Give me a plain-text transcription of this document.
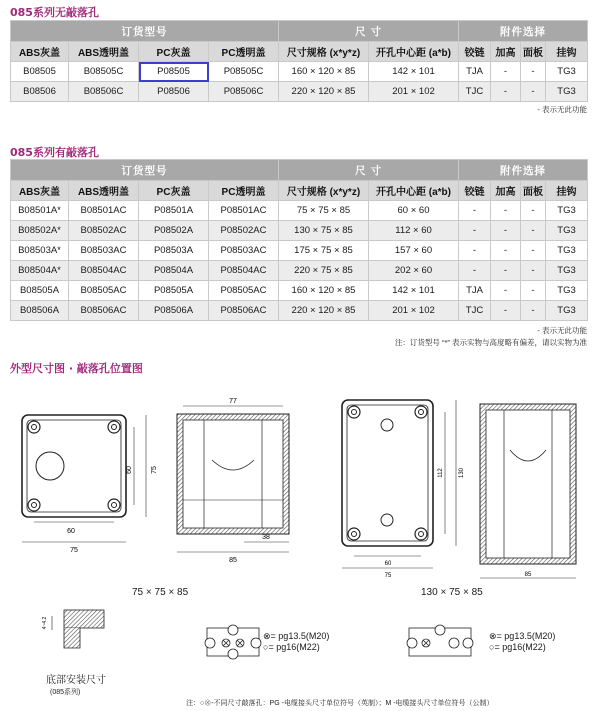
085系列无敲落孔
订货型号				尺 寸		附件选择			
ABS灰盖	ABS透明盖	PC灰盖	PC透明盖	尺寸规格 (x*y*z)	开孔中心距 (a*b)	铰链	加高	面板	挂钩
B08505	B08505C	P08505	P08505C	160 × 120 × 85	142 × 101	TJA	-	-	TG3
B08506	B08506C	P08506	P08506C	220 × 120 × 85	201 × 102	TJC	-	-	TG3
- 表示无此功能
085系列有敲落孔
订货型号				尺 寸		附件选择			
ABS灰盖	ABS透明盖	PC灰盖	PC透明盖	尺寸规格 (x*y*z)	开孔中心距 (a*b)	铰链	加高	面板	挂钩
B08501A*	B08501AC	P08501A	P08501AC	75 × 75 × 85	60 × 60	-	-	-	TG3
B08502A*	B08502AC	P08502A	P08502AC	130 × 75 × 85	112 × 60	-	-	-	TG3
B08503A*	B08503AC	P08503A	P08503AC	175 × 75 × 85	157 × 60	-	-	-	TG3
B08504A*	B08504AC	P08504A	P08504AC	220 × 75 × 85	202 × 60	-	-	-	TG3
B08505A	B08505AC	P08505A	P08505AC	160 × 120 × 85	142 × 101	TJA	-	-	TG3
B08506A	B08506AC	P08506A	P08506AC	220 × 120 × 85	201 × 102	TJC	-	-	TG3
- 表示无此功能
注：订货型号 “*” 表示实物与高度略有偏差，请以实物为准
外型尺寸图 · 敲落孔位置图
60
75
60	75
77
85
38
60
75
112	130
85
4~4.2
75 × 75 × 85	130 × 75 × 85
底部安装尺寸
(085系列)
⊗= pg13.5(M20)
○= pg16(M22)
⊗= pg13.5(M20)
○= pg16(M22)
注：○⊗-不同尺寸敲落孔：PG -电缆接头尺寸单位符号（英制）；M -电缆接头尺寸单位符号（公制）
